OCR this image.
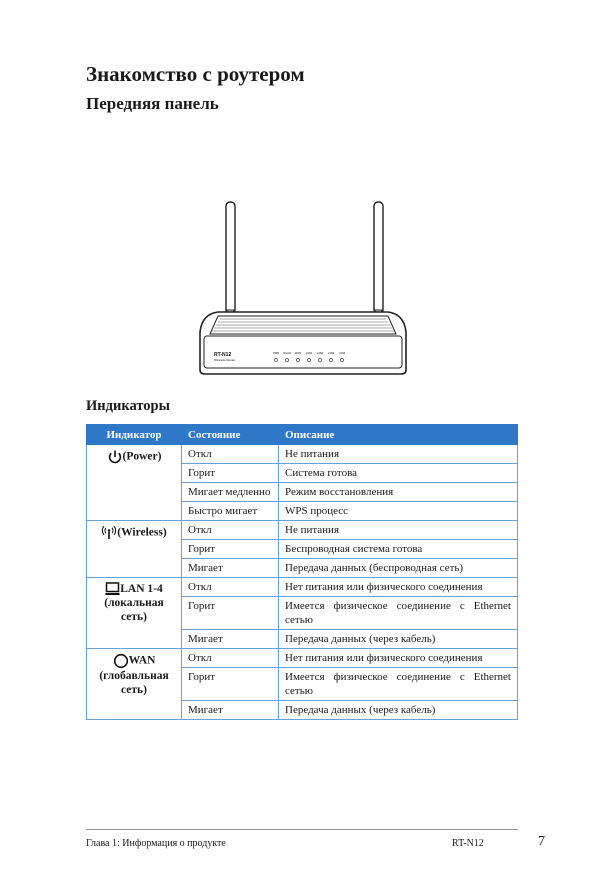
Знакомство с роутером
Передняя панель
RT-N12
Wireless Router
PWR WLAN WAN LAN1 LAN2 LAN3 LAN4
Индикаторы
Индикатор	Состояние	Описание
(Power)	Откл	Не питания
	Горит	Система готова
	Мигает медленно	Режим восстановления
	Быстро мигает	WPS процесс
(Wireless)	Откл	Не питания
	Горит	Беспроводная система готова
	Мигает	Передача данных (беспроводная сеть)
LAN 1-4
(локальная сеть)	Откл	Нет питания или физического соединения
	Горит	Имеется физическое соединение с Ethernet сетью
	Мигает	Передача данных (через кабель)
WAN
(глобавльная сеть)	Откл	Нет питания или физического соединения
	Горит	Имеется физическое соединение с Ethernet сетью
	Мигает	Передача данных (через кабель)
Глава 1: Информация о продукте	RT-N12	7
